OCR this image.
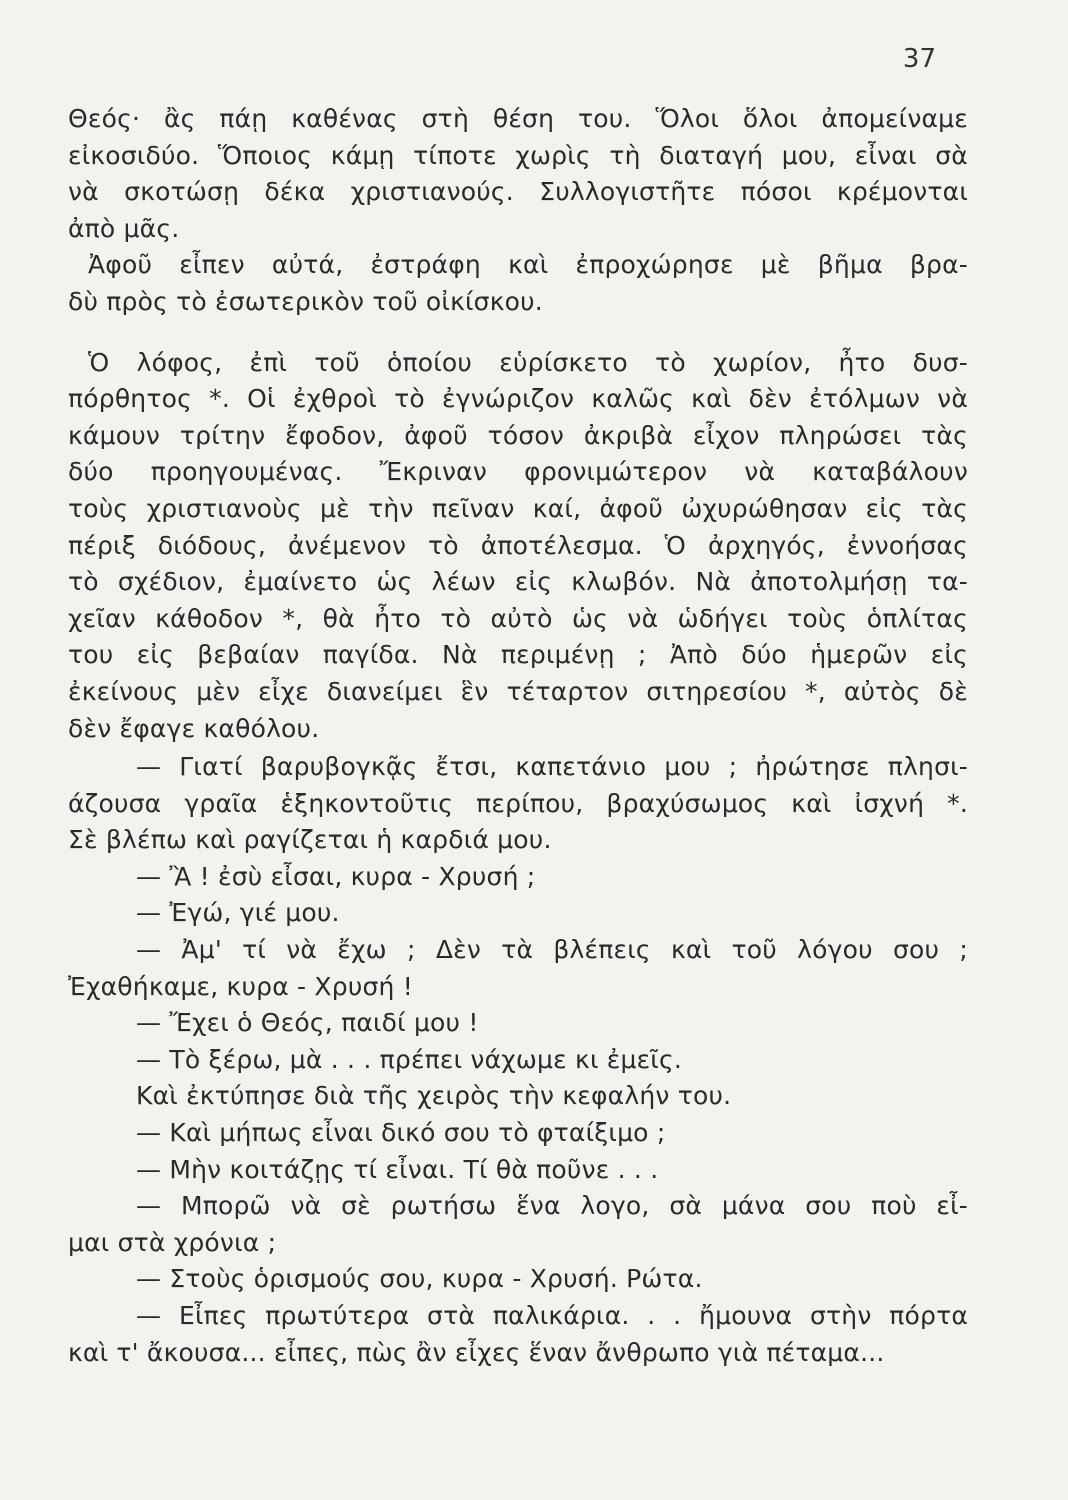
37
Θεός· ἂς πάῃ καθένας στὴ θέση του. Ὅλοι ὅλοι ἀπομείναμε
εἰκοσιδύο. Ὅποιος κάμῃ τίποτε χωρὶς τὴ διαταγή μου, εἶναι σὰ
νὰ σκοτώσῃ δέκα χριστιανούς. Συλλογιστῆτε πόσοι κρέμονται
ἀπὸ μᾶς.
Ἀφοῦ εἶπεν αὐτά, ἐστράφη καὶ ἐπροχώρησε μὲ βῆμα βρα-
δὺ πρὸς τὸ ἐσωτερικὸν τοῦ οἰκίσκου.
Ὁ λόφος, ἐπὶ τοῦ ὁποίου εὑρίσκετο τὸ χωρίον, ἦτο δυσ-
πόρθητος *. Οἱ ἐχθροὶ τὸ ἐγνώριζον καλῶς καὶ δὲν ἐτόλμων νὰ
κάμουν τρίτην ἔφοδον, ἀφοῦ τόσον ἀκριβὰ εἶχον πληρώσει τὰς
δύο προηγουμένας. Ἔκριναν φρονιμώτερον νὰ καταβάλουν
τοὺς χριστιανοὺς μὲ τὴν πεῖναν καί, ἀφοῦ ὠχυρώθησαν εἰς τὰς
πέριξ διόδους, ἀνέμενον τὸ ἀποτέλεσμα. Ὁ ἀρχηγός, ἐννοήσας
τὸ σχέδιον, ἐμαίνετο ὡς λέων εἰς κλωβόν. Νὰ ἀποτολμήσῃ τα-
χεῖαν κάθοδον *, θὰ ἦτο τὸ αὐτὸ ὡς νὰ ὡδήγει τοὺς ὁπλίτας
του εἰς βεβαίαν παγίδα. Νὰ περιμένῃ ; Ἀπὸ δύο ἡμερῶν εἰς
ἐκείνους μὲν εἶχε διανείμει ἓν τέταρτον σιτηρεσίου *, αὐτὸς δὲ
δὲν ἔφαγε καθόλου.
— Γιατί βαρυβογκᾷς ἔτσι, καπετάνιο μου ; ἠρώτησε πλησι-
άζουσα γραῖα ἑξηκοντοῦτις περίπου, βραχύσωμος καὶ ἰσχνή *.
Σὲ βλέπω καὶ ραγίζεται ἡ καρδιά μου.
— Ἂ ! ἐσὺ εἶσαι, κυρα - Χρυσή ;
— Ἐγώ, γιέ μου.
— Ἀμ' τί νὰ ἔχω ; Δὲν τὰ βλέπεις καὶ τοῦ λόγου σου ;
Ἐχαθήκαμε, κυρα - Χρυσή !
— Ἔχει ὁ Θεός, παιδί μου !
— Τὸ ξέρω, μὰ . . . πρέπει νάχωμε κι ἐμεῖς.
Καὶ ἐκτύπησε διὰ τῆς χειρὸς τὴν κεφαλήν του.
— Καὶ μήπως εἶναι δικό σου τὸ φταίξιμο ;
— Μὴν κοιτάζῃς τί εἶναι. Τί θὰ ποῦνε . . .
— Μπορῶ νὰ σὲ ρωτήσω ἕνα λογο, σὰ μάνα σου ποὺ εἶ-
μαι στὰ χρόνια ;
— Στοὺς ὁρισμούς σου, κυρα - Χρυσή. Ρώτα.
— Εἶπες πρωτύτερα στὰ παλικάρια. . . ἤμουνα στὴν πόρτα
καὶ τ' ἄκουσα... εἶπες, πὼς ἂν εἶχες ἕναν ἄνθρωπο γιὰ πέταμα...
